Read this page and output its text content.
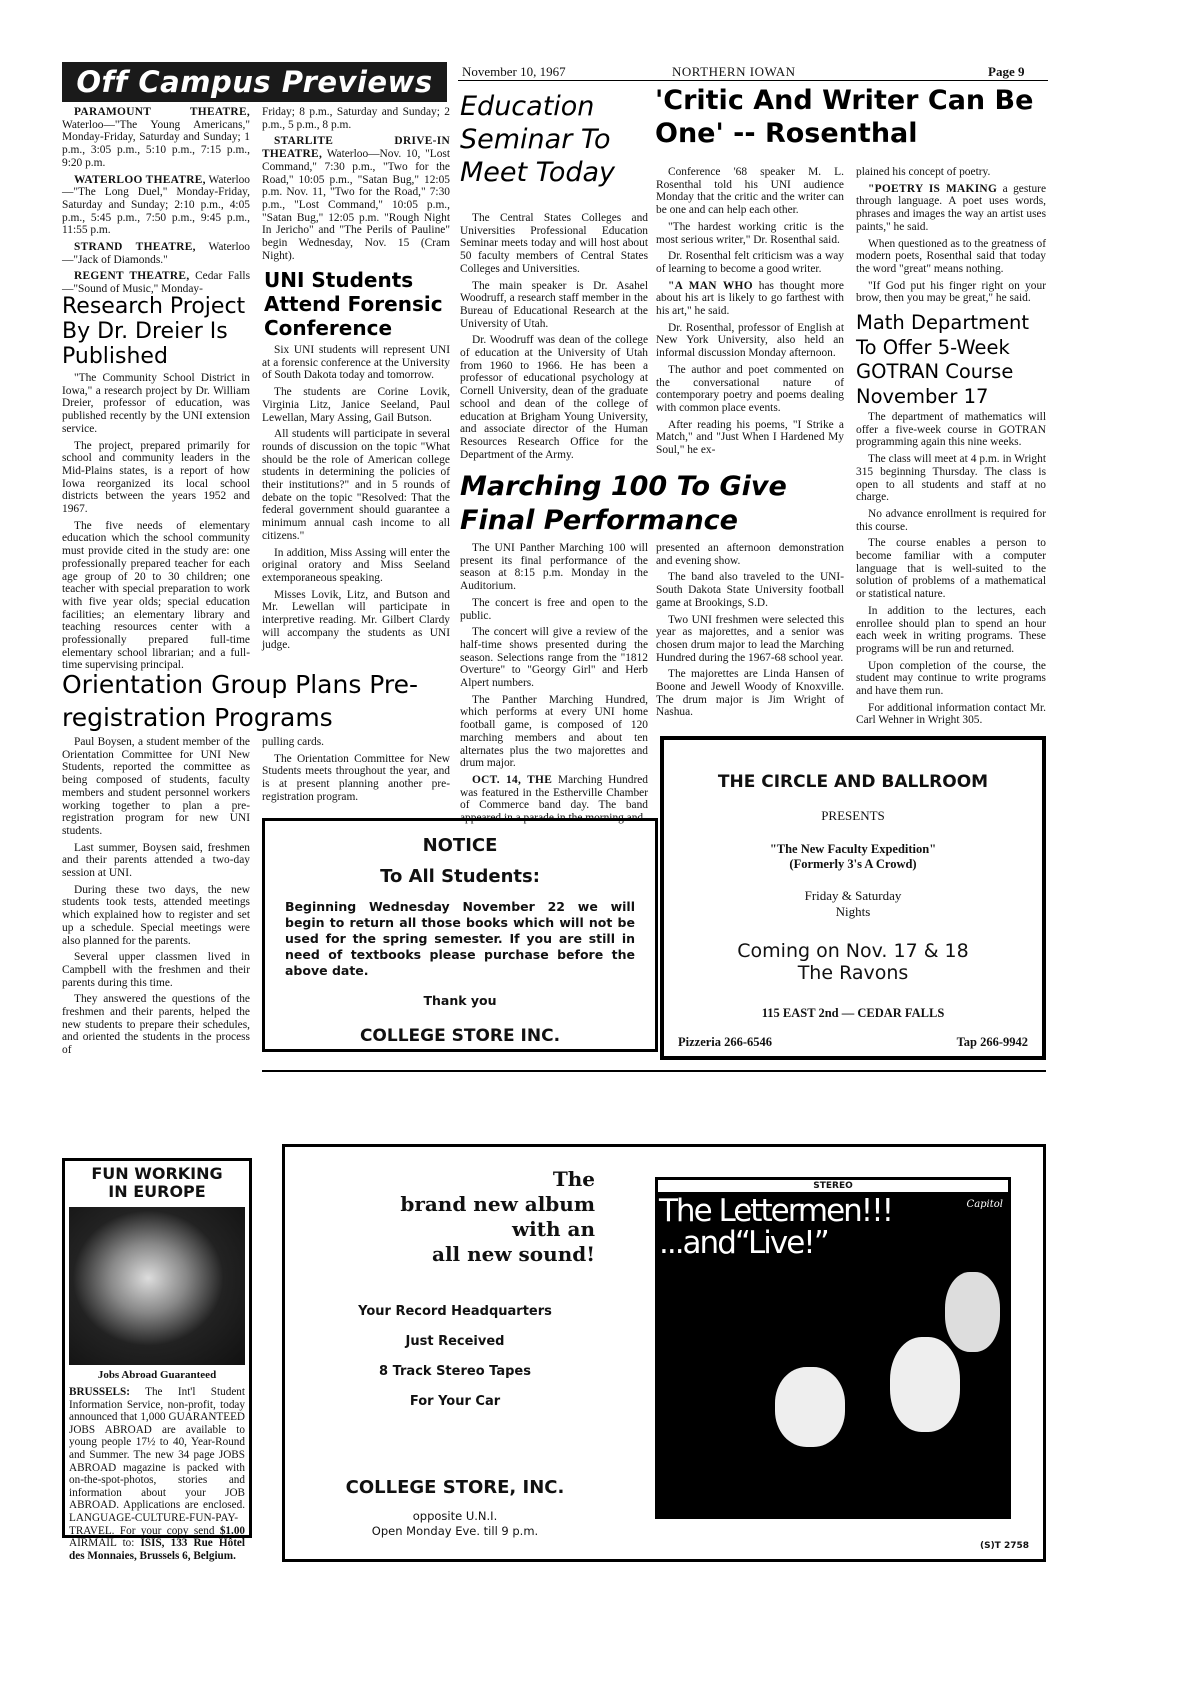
Off Campus Previews	November 10, 1967	NORTHERN IOWAN	Page 9

PARAMOUNT THEATRE, Waterloo—"The Young Americans," Monday-Friday, Saturday and Sunday; 1 p.m., 3:05 p.m., 5:10 p.m., 7:15 p.m., 9:20 p.m.

WATERLOO THEATRE, Waterloo—"The Long Duel," Monday-Friday, Saturday and Sunday; 2:10 p.m., 4:05 p.m., 5:45 p.m., 7:50 p.m., 9:45 p.m., 11:55 p.m.

STRAND THEATRE, Waterloo—"Jack of Diamonds."

REGENT THEATRE, Cedar Falls—"Sound of Music," Monday-

Friday; 8 p.m., Saturday and Sunday; 2 p.m., 5 p.m., 8 p.m.

STARLITE DRIVE-IN THEATRE, Waterloo—Nov. 10, "Lost Command," 7:30 p.m., "Two for the Road," 10:05 p.m., "Satan Bug," 12:05 p.m. Nov. 11, "Two for the Road," 7:30 p.m., "Lost Command," 10:05 p.m., "Satan Bug," 12:05 p.m. "Rough Night In Jericho" and "The Perils of Pauline" begin Wednesday, Nov. 15 (Cram Night).

Research Project By Dr. Dreier Is Published

"The Community School District in Iowa," a research project by Dr. William Dreier, professor of education, was published recently by the UNI extension service.

The project, prepared primarily for school and community leaders in the Mid-Plains states, is a report of how Iowa reorganized its local school districts between the years 1952 and 1967.

The five needs of elementary education which the school community must provide cited in the study are: one professionally prepared teacher for each age group of 20 to 30 children; one teacher with special preparation to work with five year olds; special education facilities; an elementary library and teaching resources center with a professionally prepared full-time elementary school librarian; and a full-time supervising principal.

UNI Students Attend Forensic Conference

Six UNI students will represent UNI at a forensic conference at the University of South Dakota today and tomorrow.

The students are Corine Lovik, Virginia Litz, Janice Seeland, Paul Lewellan, Mary Assing, Gail Butson.

All students will participate in several rounds of discussion on the topic "What should be the role of American college students in determining the policies of their institutions?" and in 5 rounds of debate on the topic "Resolved: That the federal government should guarantee a minimum annual cash income to all citizens."

In addition, Miss Assing will enter the original oratory and Miss Seeland extemporaneous speaking.

Misses Lovik, Litz, and Butson and Mr. Lewellan will participate in interpretive reading. Mr. Gilbert Clardy will accompany the students as UNI judge.

Education Seminar To Meet Today

The Central States Colleges and Universities Professional Education Seminar meets today and will host about 50 faculty members of Central States Colleges and Universities.

The main speaker is Dr. Asahel Woodruff, a research staff member in the Bureau of Educational Research at the University of Utah.

Dr. Woodruff was dean of the college of education at the University of Utah from 1960 to 1966. He has been a professor of educational psychology at Cornell University, dean of the graduate school and dean of the college of education at Brigham Young University, and associate director of the Human Resources Research Office for the Department of the Army.

'Critic And Writer Can Be One' -- Rosenthal

Conference '68 speaker M. L. Rosenthal told his UNI audience Monday that the critic and the writer can be one and can help each other.

"The hardest working critic is the most serious writer," Dr. Rosenthal said.

Dr. Rosenthal felt criticism was a way of learning to become a good writer.

"A MAN WHO has thought more about his art is likely to go farthest with his art," he said.

Dr. Rosenthal, professor of English at New York University, also held an informal discussion Monday afternoon.

The author and poet commented on the conversational nature of contemporary poetry and poems dealing with common place events.

After reading his poems, "I Strike a Match," and "Just When I Hardened My Soul," he ex-

plained his concept of poetry.

"POETRY IS MAKING a gesture through language. A poet uses words, phrases and images the way an artist uses paints," he said.

When questioned as to the greatness of modern poets, Rosenthal said that today the word "great" means nothing.

"If God put his finger right on your brow, then you may be great," he said.

Math Department To Offer 5-Week GOTRAN Course November 17

The department of mathematics will offer a five-week course in GOTRAN programming again this nine weeks.

The class will meet at 4 p.m. in Wright 315 beginning Thursday. The class is open to all students and staff at no charge.

No advance enrollment is required for this course.

The course enables a person to become familiar with a computer language that is well-suited to the solution of problems of a mathematical or statistical nature.

In addition to the lectures, each enrollee should plan to spend an hour each week in writing programs. These programs will be run and returned.

Upon completion of the course, the student may continue to write programs and have them run.

For additional information contact Mr. Carl Wehner in Wright 305.

Marching 100 To Give Final Performance

The UNI Panther Marching 100 will present its final performance of the season at 8:15 p.m. Monday in the Auditorium.

The concert is free and open to the public.

The concert will give a review of the half-time shows presented during the season. Selections range from the "1812 Overture" to "Georgy Girl" and Herb Alpert numbers.

The Panther Marching Hundred, which performs at every UNI home football game, is composed of 120 marching members and about ten alternates plus the two majorettes and drum major.

OCT. 14, THE Marching Hundred was featured in the Estherville Chamber of Commerce band day. The band appeared in a parade in the morning and

presented an afternoon demonstration and evening show.

The band also traveled to the UNI-South Dakota State University football game at Brookings, S.D.

Two UNI freshmen were selected this year as majorettes, and a senior was chosen drum major to lead the Marching Hundred during the 1967-68 school year.

The majorettes are Linda Hansen of Boone and Jewell Woody of Knoxville. The drum major is Jim Wright of Nashua.

Orientation Group Plans Pre-registration Programs

Paul Boysen, a student member of the Orientation Committee for UNI New Students, reported the committee as being composed of students, faculty members and student personnel workers working together to plan a pre-registration program for new UNI students.

Last summer, Boysen said, freshmen and their parents attended a two-day session at UNI.

During these two days, the new students took tests, attended meetings which explained how to register and set up a schedule. Special meetings were also planned for the parents.

Several upper classmen lived in Campbell with the freshmen and their parents during this time.

They answered the questions of the freshmen and their parents, helped the new students to prepare their schedules, and oriented the students in the process of

pulling cards.

The Orientation Committee for New Students meets throughout the year, and is at present planning another pre-registration program.

NOTICE
To All Students:
Beginning Wednesday November 22 we will begin to return all those books which will not be used for the spring semester. If you are still in need of textbooks please purchase before the above date.
Thank you
COLLEGE STORE INC.
THE CIRCLE AND BALLROOM
PRESENTS
"The New Faculty Expedition"
(Formerly 3's A Crowd)
Friday & Saturday
Nights
Coming on Nov. 17 & 18
The Ravons
115 EAST 2nd — CEDAR FALLS
Pizzeria 266-6546	Tap 266-9942
FUN WORKING
IN EUROPE
Jobs Abroad Guaranteed
BRUSSELS: The Int'l Student Information Service, non-profit, today announced that 1,000 GUARANTEED JOBS ABROAD are available to young people 17½ to 40, Year-Round and Summer. The new 34 page JOBS ABROAD magazine is packed with on-the-spot-photos, stories and information about your JOB ABROAD. Applications are enclosed. LANGUAGE-CULTURE-FUN-PAY-TRAVEL. For your copy send $1.00 AIRMAIL to: ISIS, 133 Rue Hôtel des Monnaies, Brussels 6, Belgium.
The
brand new album
with an
all new sound!
Your Record Headquarters
Just Received
8 Track Stereo Tapes
For Your Car
COLLEGE STORE, INC.
opposite U.N.I.
Open Monday Eve. till 9 p.m.
STEREO
The Lettermen!!!
...and“Live!”
Capitol
(S)T 2758
